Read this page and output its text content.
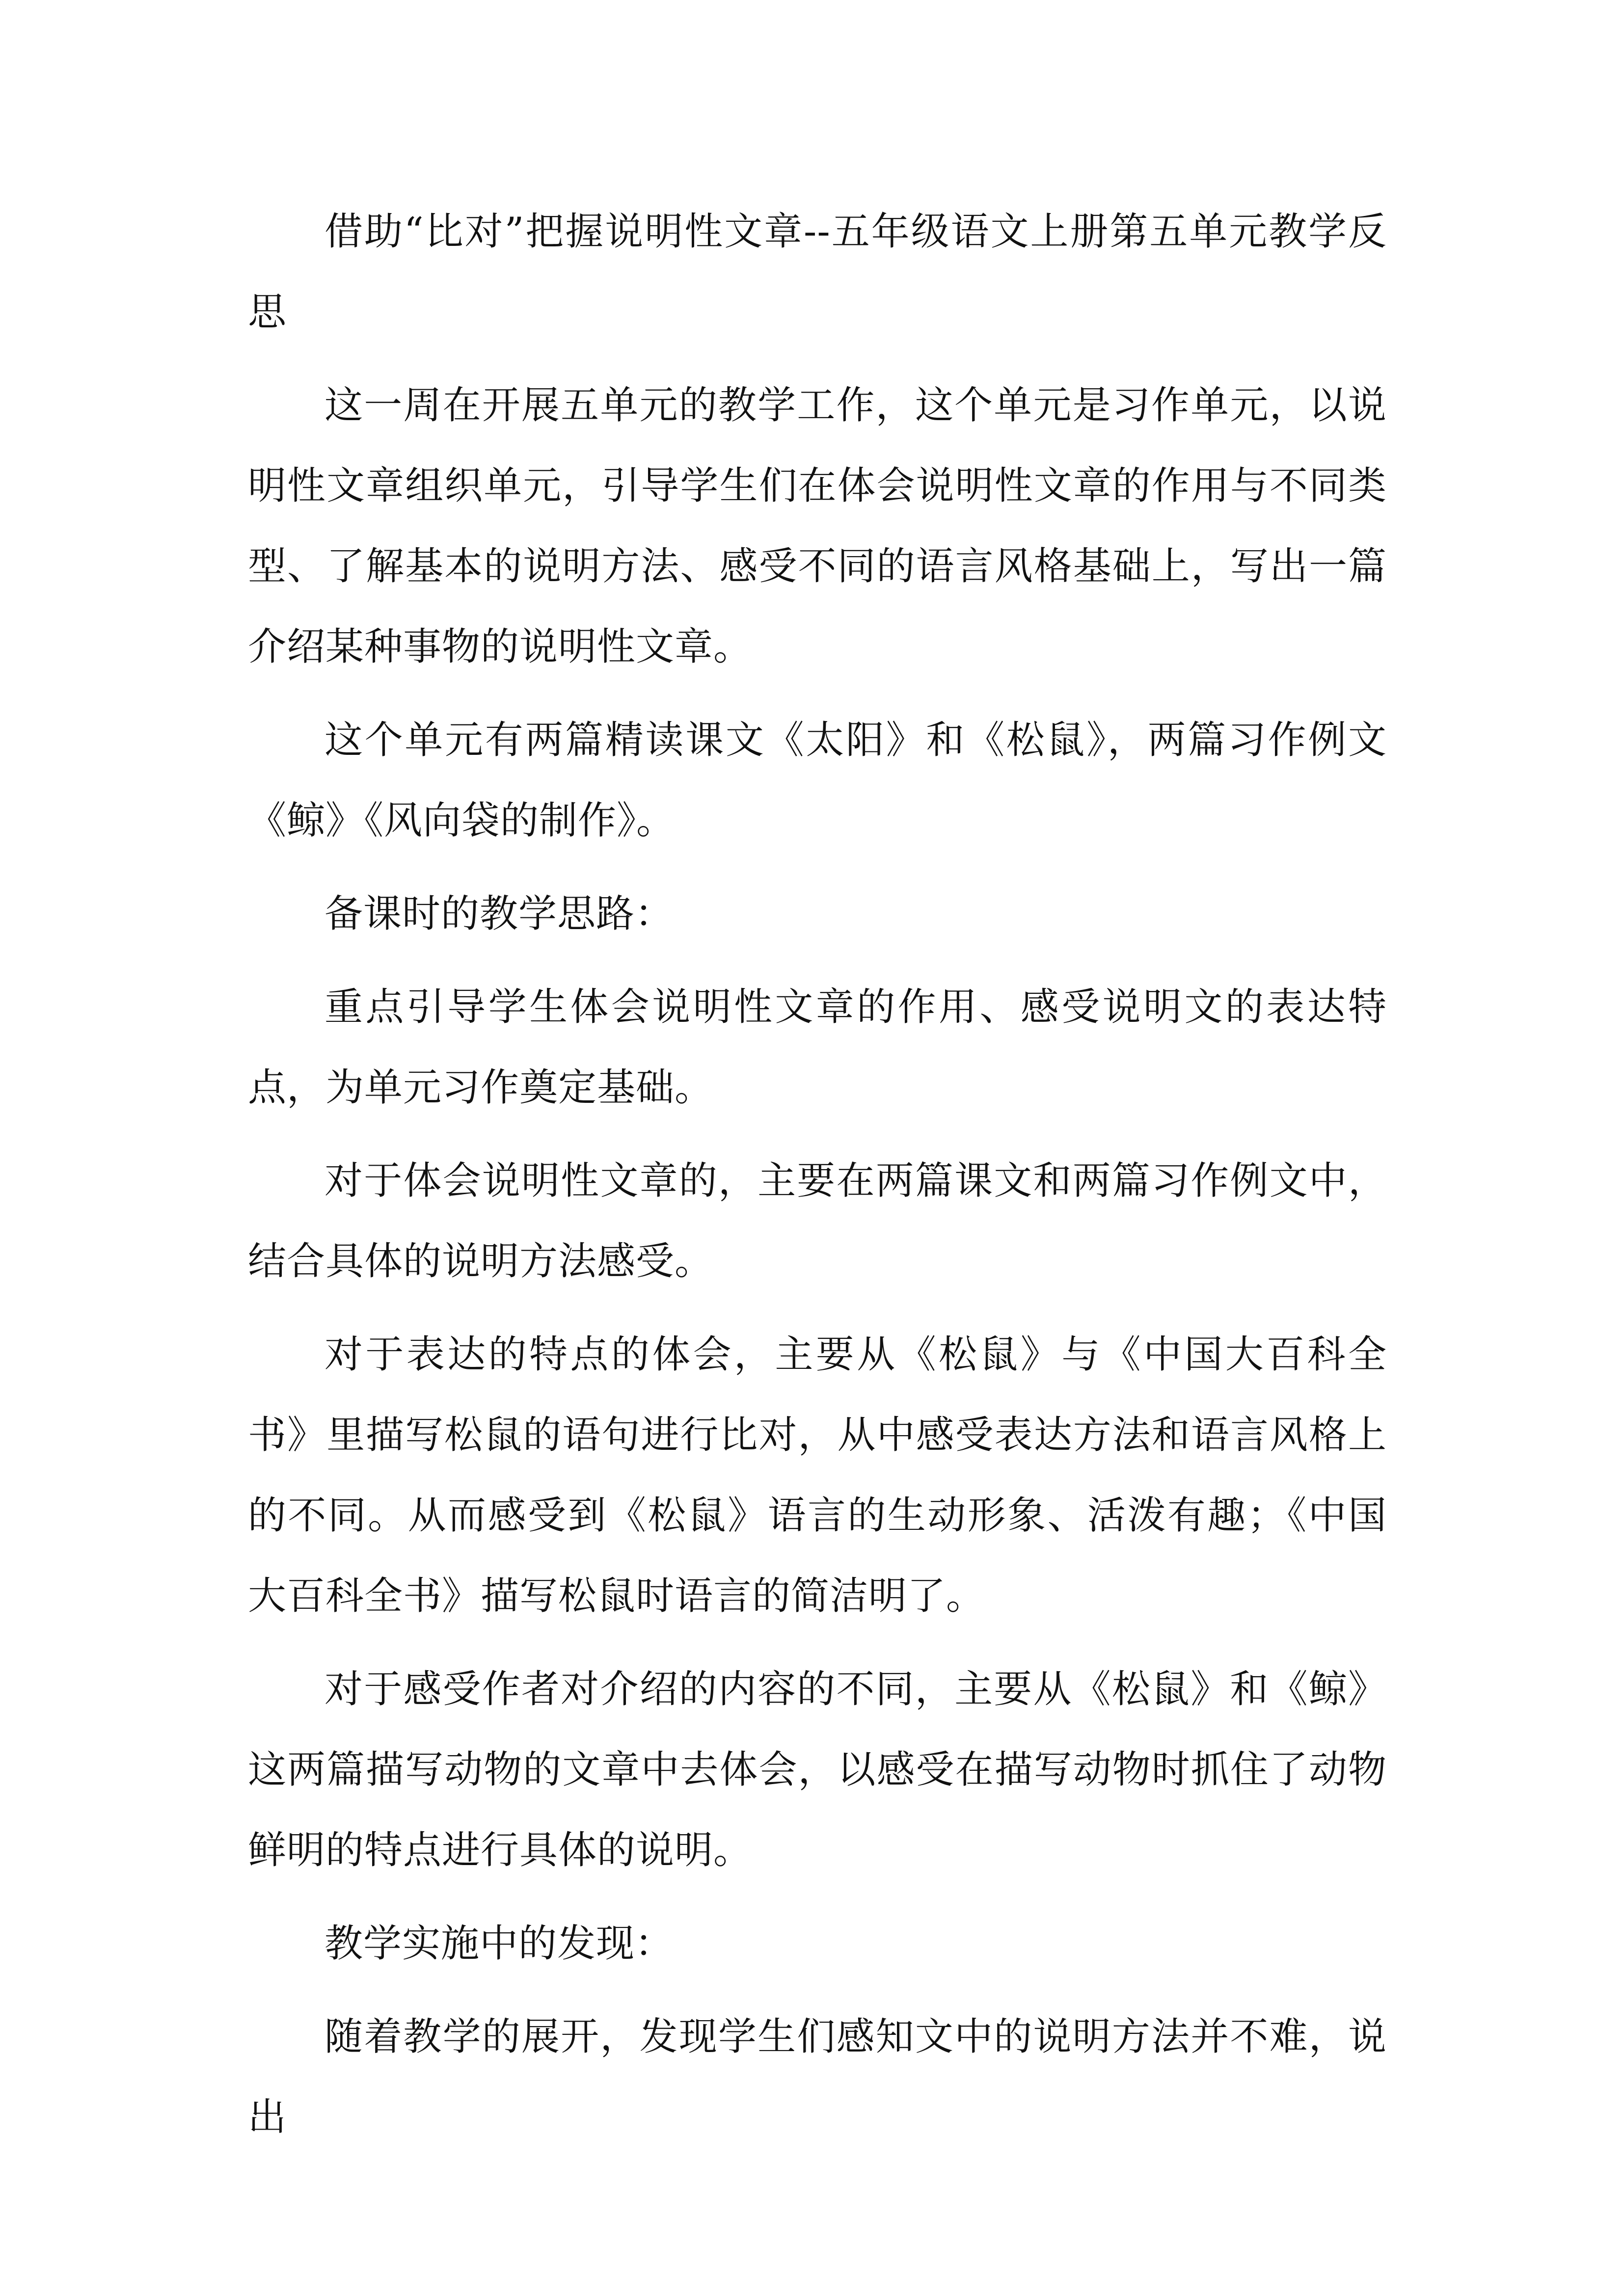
借助“比对”把握说明性文章--五年级语文上册第五单元教学反思

这一周在开展五单元的教学工作，这个单元是习作单元，以说明性文章组织单元，引导学生们在体会说明性文章的作用与不同类型、了解基本的说明方法、感受不同的语言风格基础上，写出一篇介绍某种事物的说明性文章。

这个单元有两篇精读课文《太阳》和《松鼠》，两篇习作例文《鲸》《风向袋的制作》。

备课时的教学思路：

重点引导学生体会说明性文章的作用、感受说明文的表达特点，为单元习作奠定基础。

对于体会说明性文章的，主要在两篇课文和两篇习作例文中，结合具体的说明方法感受。

对于表达的特点的体会，主要从《松鼠》与《中国大百科全书》里描写松鼠的语句进行比对，从中感受表达方法和语言风格上的不同。从而感受到《松鼠》语言的生动形象、活泼有趣；《中国大百科全书》描写松鼠时语言的简洁明了。

对于感受作者对介绍的内容的不同，主要从《松鼠》和《鲸》这两篇描写动物的文章中去体会，以感受在描写动物时抓住了动物鲜明的特点进行具体的说明。

教学实施中的发现：

随着教学的展开，发现学生们感知文中的说明方法并不难，说出
